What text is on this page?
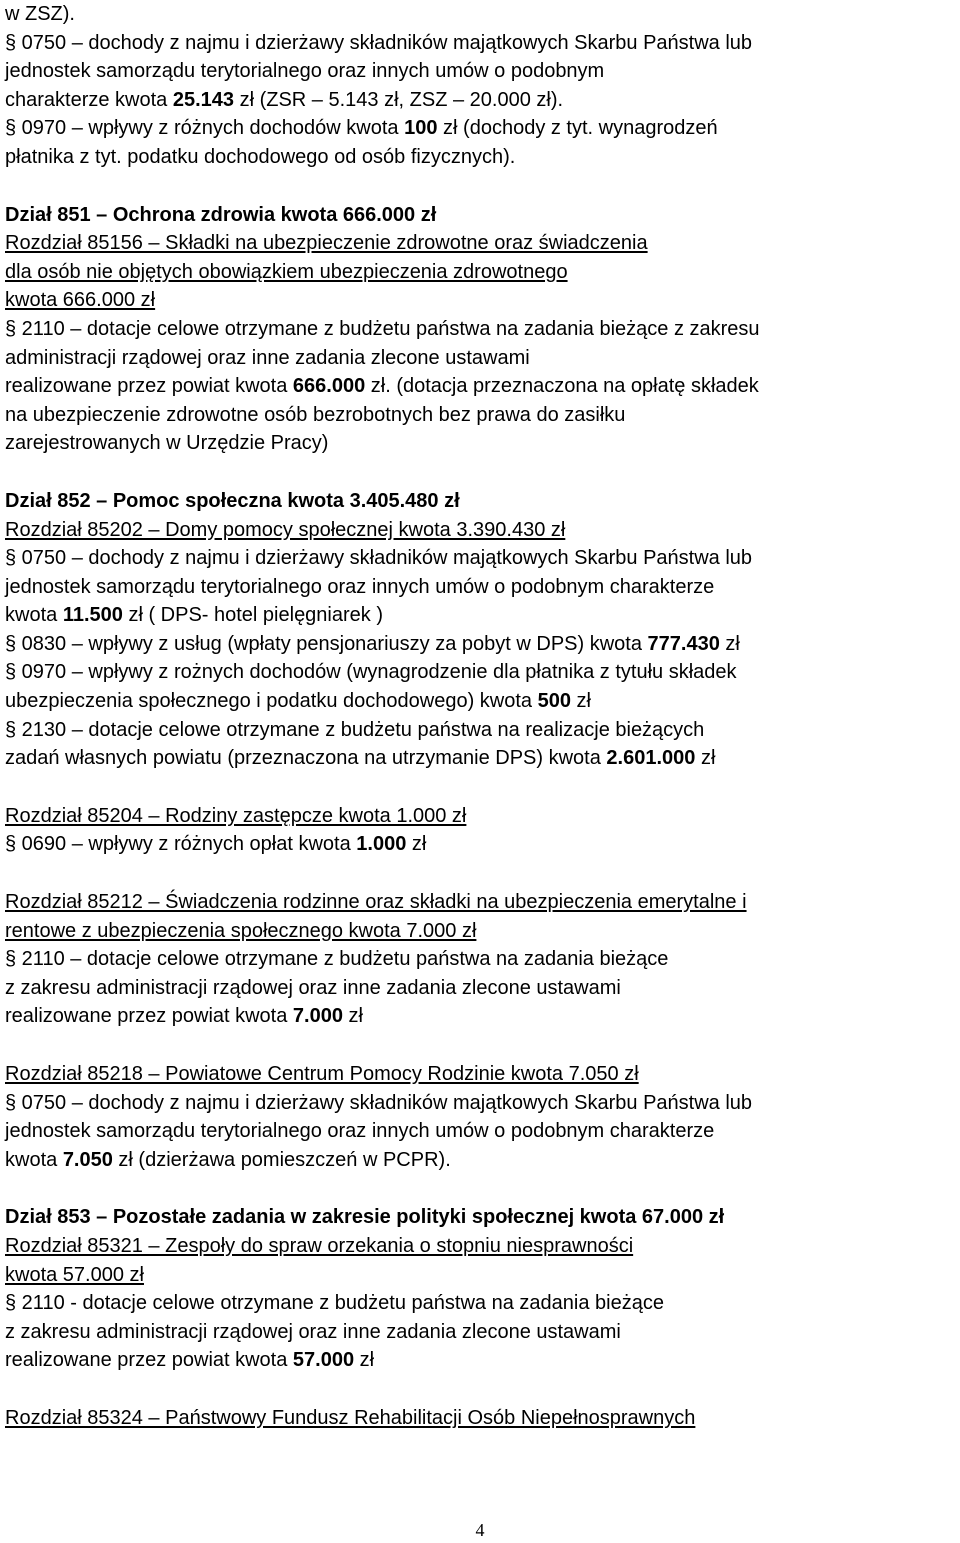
w ZSZ).
§ 0750 – dochody z najmu i dzierżawy składników majątkowych Skarbu Państwa lub
jednostek samorządu terytorialnego oraz innych umów o podobnym
charakterze kwota 25.143 zł (ZSR – 5.143 zł, ZSZ – 20.000 zł).
§ 0970 – wpływy z różnych dochodów kwota 100 zł (dochody z tyt. wynagrodzeń
płatnika z tyt. podatku dochodowego od osób fizycznych).
Dział 851 – Ochrona zdrowia kwota 666.000 zł
Rozdział 85156 – Składki na ubezpieczenie zdrowotne oraz świadczenia
dla osób nie objętych obowiązkiem ubezpieczenia zdrowotnego
kwota 666.000 zł
§ 2110 – dotacje celowe otrzymane z budżetu państwa na zadania bieżące z zakresu
administracji rządowej oraz inne zadania zlecone ustawami
realizowane przez powiat kwota 666.000 zł. (dotacja przeznaczona na opłatę składek
na ubezpieczenie zdrowotne osób bezrobotnych bez prawa do zasiłku
zarejestrowanych w Urzędzie Pracy)
Dział 852 – Pomoc społeczna kwota 3.405.480 zł
Rozdział 85202 – Domy pomocy społecznej kwota 3.390.430 zł
§ 0750 – dochody z najmu i dzierżawy składników majątkowych Skarbu Państwa lub
jednostek samorządu terytorialnego oraz innych umów o podobnym charakterze
kwota 11.500 zł ( DPS- hotel pielęgniarek )
§ 0830 – wpływy z usług (wpłaty pensjonariuszy za pobyt w DPS) kwota 777.430 zł
§ 0970 – wpływy z rożnych dochodów (wynagrodzenie dla płatnika z tytułu składek
ubezpieczenia społecznego i podatku dochodowego) kwota 500 zł
§ 2130 – dotacje celowe otrzymane z budżetu państwa na realizacje bieżących
zadań własnych powiatu (przeznaczona na utrzymanie DPS) kwota 2.601.000 zł
Rozdział 85204 – Rodziny zastępcze kwota 1.000 zł
§ 0690 – wpływy z różnych opłat kwota 1.000 zł
Rozdział 85212 – Świadczenia rodzinne oraz składki na ubezpieczenia emerytalne i
rentowe z ubezpieczenia społecznego kwota 7.000 zł
§ 2110 – dotacje celowe otrzymane z budżetu państwa na zadania bieżące
z zakresu administracji rządowej oraz inne zadania zlecone ustawami
realizowane przez powiat kwota 7.000 zł
Rozdział 85218 – Powiatowe Centrum Pomocy Rodzinie kwota 7.050 zł
§ 0750 – dochody z najmu i dzierżawy składników majątkowych Skarbu Państwa lub
jednostek samorządu terytorialnego oraz innych umów o podobnym charakterze
kwota 7.050 zł (dzierżawa pomieszczeń w PCPR).
Dział 853 – Pozostałe zadania w zakresie polityki społecznej kwota 67.000 zł
Rozdział 85321 – Zespoły do spraw orzekania o stopniu niesprawności
kwota 57.000 zł
§ 2110 - dotacje celowe otrzymane z budżetu państwa na zadania bieżące
z zakresu administracji rządowej oraz inne zadania zlecone ustawami
realizowane przez powiat kwota 57.000 zł
Rozdział 85324 – Państwowy Fundusz Rehabilitacji Osób Niepełnosprawnych
4
